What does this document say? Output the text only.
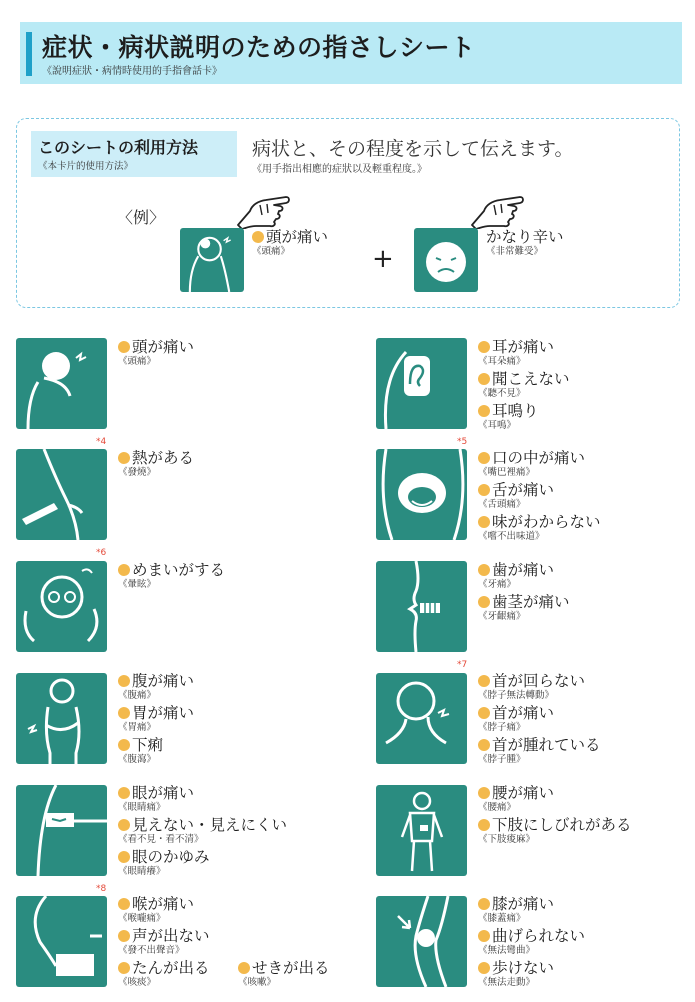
症状・病状説明のための指さしシート
《說明症狀・病情時使用的手指會話卡》
このシートの利用方法
《本卡片的使用方法》
病状と、その程度を示して伝えます。
《用手指出相應的症狀以及輕重程度。》
〈例〉
頭が痛い
《頭痛》	+
かなり辛い
《非常難受》
頭が痛い
《頭痛》
*4
熱がある
《發燒》
*6
めまいがする
《暈眩》
腹が痛い
《腹痛》
胃が痛い
《胃痛》
下痢
《腹瀉》
眼が痛い
《眼睛痛》
見えない・見えにくい
《看不見・看不清》
眼のかゆみ
《眼睛癢》
*8
喉が痛い
《喉嚨痛》
声が出ない
《發不出聲音》
たんが出る
《咳痰》
せきが出る
《咳嗽》
耳が痛い
《耳朵痛》
聞こえない
《聽不見》
耳鳴り
《耳鳴》
*5
口の中が痛い
《嘴巴裡痛》
舌が痛い
《舌頭痛》
味がわからない
《嚐不出味道》
歯が痛い
《牙痛》
歯茎が痛い
《牙齦痛》
*7
首が回らない
《脖子無法轉動》
首が痛い
《脖子痛》
首が腫れている
《脖子腫》
腰が痛い
《腰痛》
下肢にしびれがある
《下肢痠麻》
膝が痛い
《膝蓋痛》
曲げられない
《無法彎曲》
歩けない
《無法走動》
